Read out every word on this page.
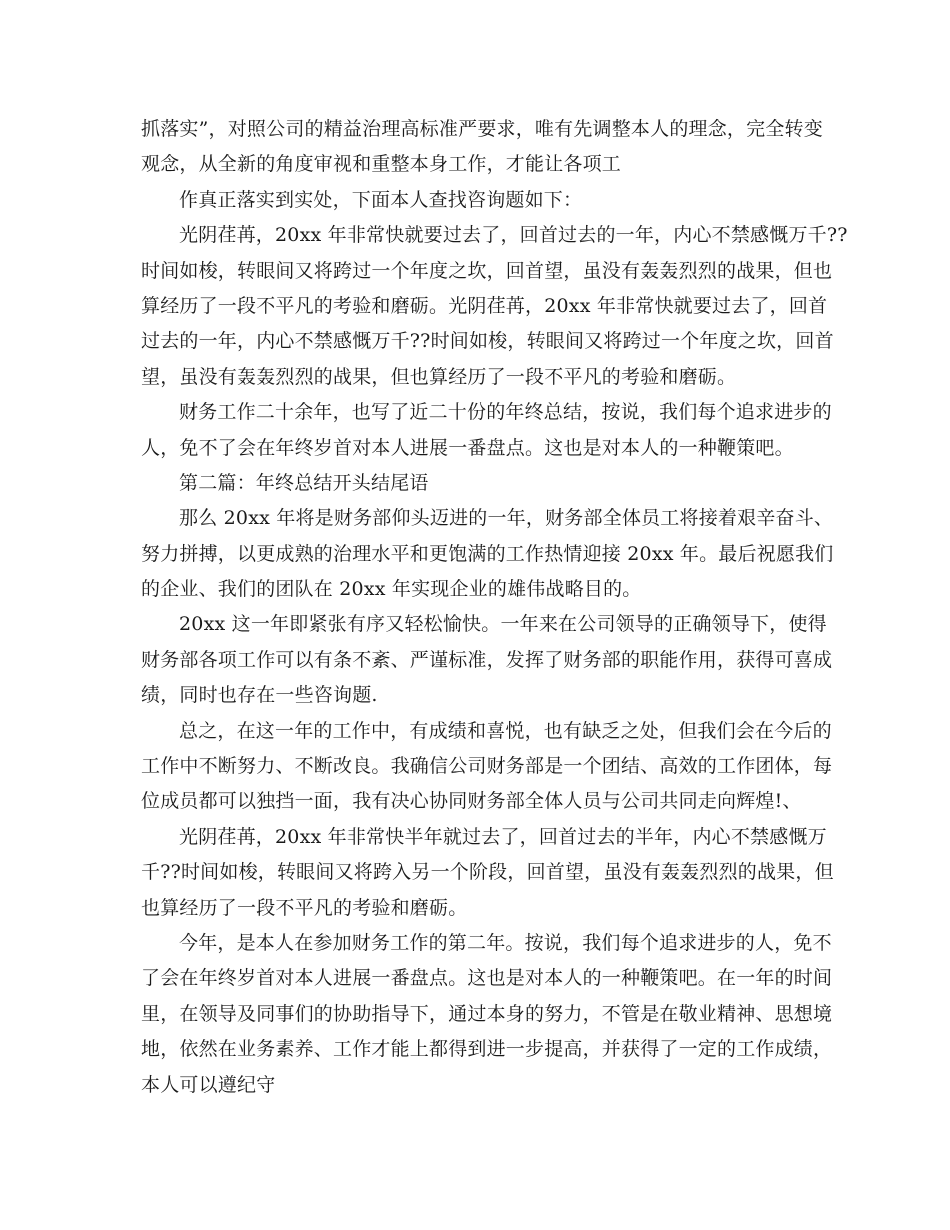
抓落实”，对照公司的精益治理高标准严要求，唯有先调整本人的理念，完全转变
观念，从全新的角度审视和重整本身工作，才能让各项工
作真正落实到实处，下面本人查找咨询题如下：
光阴荏苒，20xx 年非常快就要过去了，回首过去的一年，内心不禁感慨万千??
时间如梭，转眼间又将跨过一个年度之坎，回首望，虽没有轰轰烈烈的战果，但也
算经历了一段不平凡的考验和磨砺。光阴荏苒，20xx 年非常快就要过去了，回首
过去的一年，内心不禁感慨万千??时间如梭，转眼间又将跨过一个年度之坎，回首
望，虽没有轰轰烈烈的战果，但也算经历了一段不平凡的考验和磨砺。
财务工作二十余年，也写了近二十份的年终总结，按说，我们每个追求进步的
人，免不了会在年终岁首对本人进展一番盘点。这也是对本人的一种鞭策吧。
第二篇：年终总结开头结尾语
那么 20xx 年将是财务部仰头迈进的一年，财务部全体员工将接着艰辛奋斗、
努力拼搏，以更成熟的治理水平和更饱满的工作热情迎接 20xx 年。最后祝愿我们
的企业、我们的团队在 20xx 年实现企业的雄伟战略目的。
20xx 这一年即紧张有序又轻松愉快。一年来在公司领导的正确领导下，使得
财务部各项工作可以有条不紊、严谨标准，发挥了财务部的职能作用，获得可喜成
绩，同时也存在一些咨询题.
总之，在这一年的工作中，有成绩和喜悦，也有缺乏之处，但我们会在今后的
工作中不断努力、不断改良。我确信公司财务部是一个团结、高效的工作团体，每
位成员都可以独挡一面，我有决心协同财务部全体人员与公司共同走向辉煌!、
光阴荏苒，20xx 年非常快半年就过去了，回首过去的半年，内心不禁感慨万
千??时间如梭，转眼间又将跨入另一个阶段，回首望，虽没有轰轰烈烈的战果，但
也算经历了一段不平凡的考验和磨砺。
今年，是本人在参加财务工作的第二年。按说，我们每个追求进步的人，免不
了会在年终岁首对本人进展一番盘点。这也是对本人的一种鞭策吧。在一年的时间
里，在领导及同事们的协助指导下，通过本身的努力，不管是在敬业精神、思想境
地，依然在业务素养、工作才能上都得到进一步提高，并获得了一定的工作成绩，
本人可以遵纪守
